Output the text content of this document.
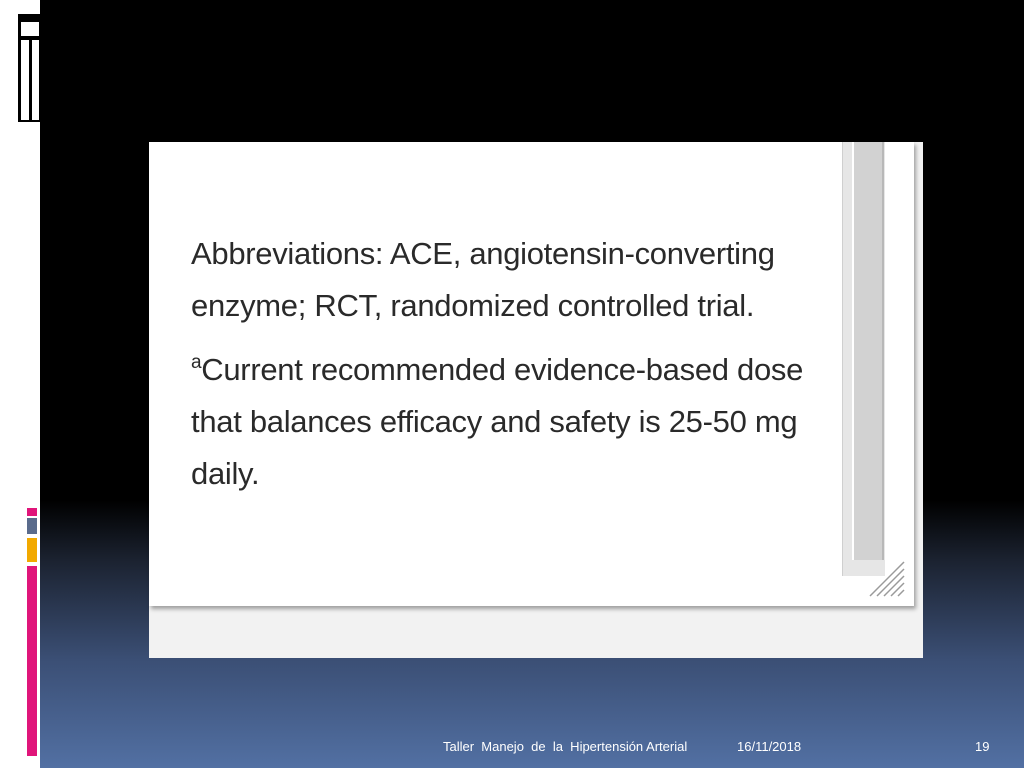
Abbreviations: ACE, angiotensin-converting enzyme; RCT, randomized controlled trial.

$^a$Current recommended evidence-based dose that balances efficacy and safety is 25-50 mg daily.

Taller  Manejo  de  la  Hipertensión Arterial	16/11/2018	19
